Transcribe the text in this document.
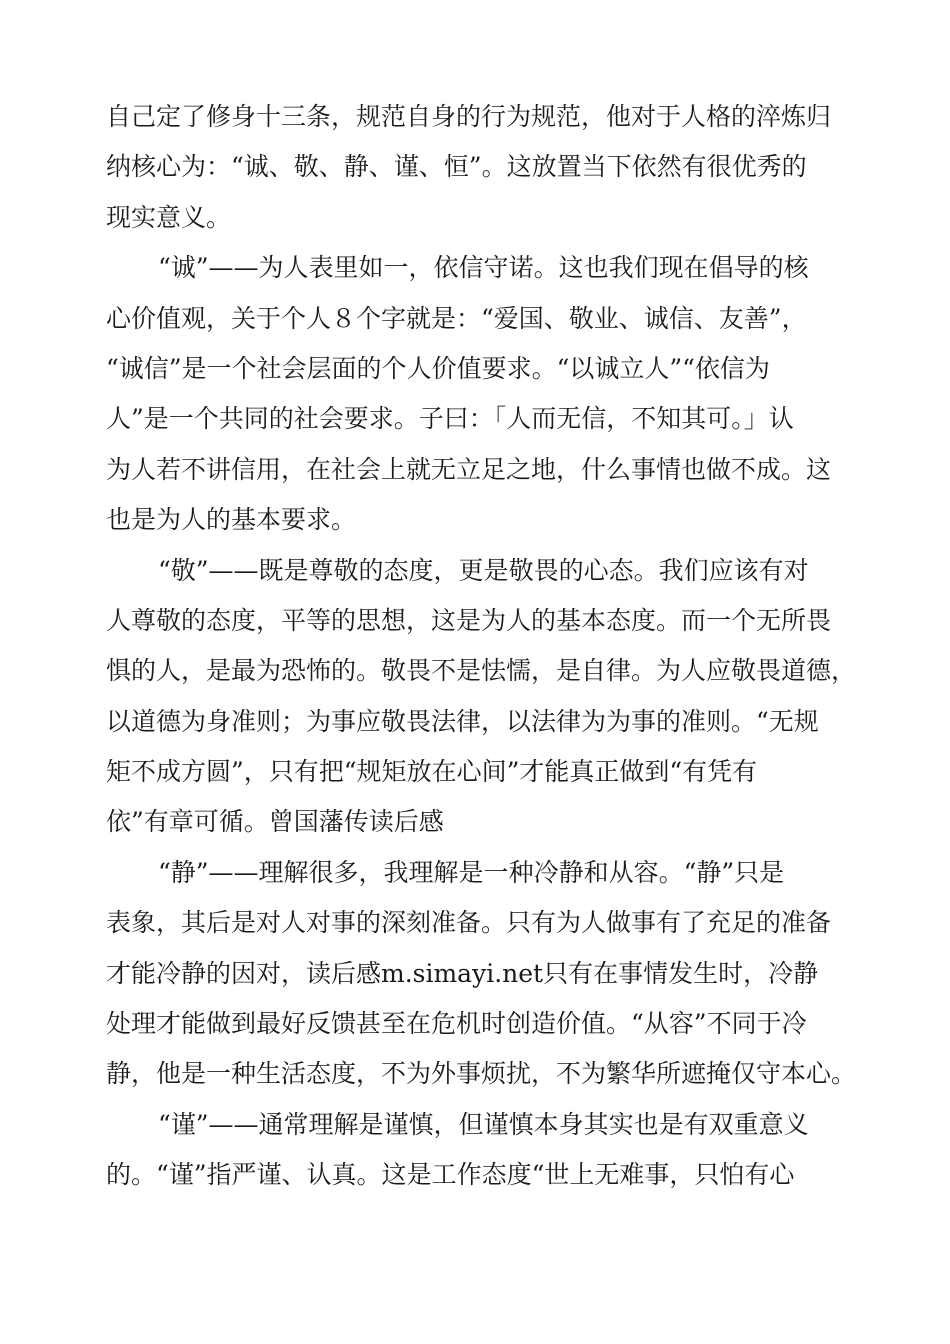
自己定了修身十三条，规范自身的行为规范，他对于人格的淬炼归
纳核心为：“诚、敬、静、谨、恒”。这放置当下依然有很优秀的
现实意义。
“诚”——为人表里如一，依信守诺。这也我们现在倡导的核
心价值观，关于个人８个字就是：“爱国、敬业、诚信、友善”，
“诚信”是一个社会层面的个人价值要求。“以诚立人”“依信为
人”是一个共同的社会要求。子曰：「人而无信，不知其可。」认
为人若不讲信用，在社会上就无立足之地，什么事情也做不成。这
也是为人的基本要求。
“敬”——既是尊敬的态度，更是敬畏的心态。我们应该有对
人尊敬的态度，平等的思想，这是为人的基本态度。而一个无所畏
惧的人，是最为恐怖的。敬畏不是怯懦，是自律。为人应敬畏道德，
以道德为身准则；为事应敬畏法律，以法律为为事的准则。“无规
矩不成方圆”，只有把“规矩放在心间”才能真正做到“有凭有
依”有章可循。曾国藩传读后感
“静”——理解很多，我理解是一种冷静和从容。“静”只是
表象，其后是对人对事的深刻准备。只有为人做事有了充足的准备
才能冷静的因对，读后感m.simayi.net只有在事情发生时，冷静
处理才能做到最好反馈甚至在危机时创造价值。“从容”不同于冷
静，他是一种生活态度，不为外事烦扰，不为繁华所遮掩仅守本心。
“谨”——通常理解是谨慎，但谨慎本身其实也是有双重意义
的。“谨”指严谨、认真。这是工作态度“世上无难事，只怕有心
